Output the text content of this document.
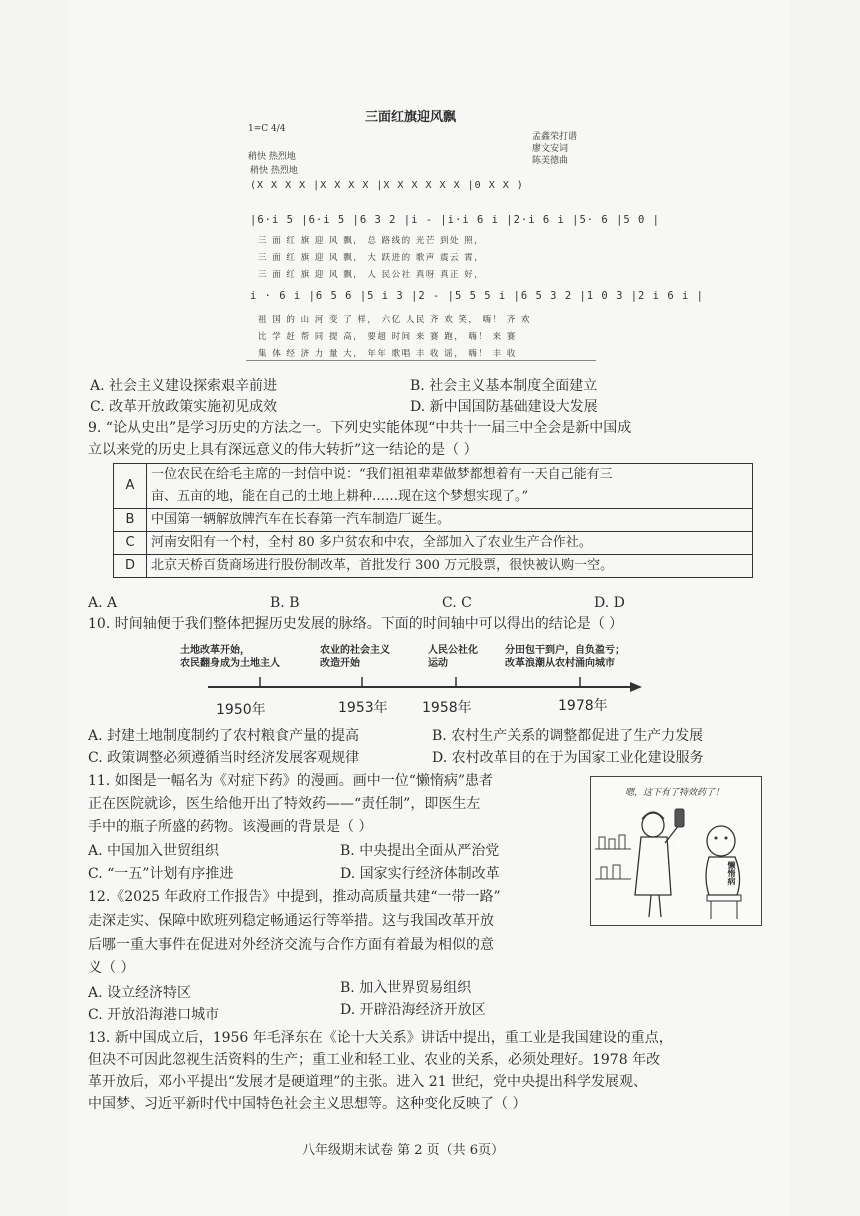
三面红旗迎风飘
1=C 4/4
稍快 热烈地
稍快 热烈地
孟鑫荣打谱
廖文安词
陈美德曲
(X X X X |X X X X |X X X X X X |0 X X )
|6·i 5 |6·i 5 |6 3 2 |i - |i·i 6 i |2·i 6 i |5· 6 |5 0 |
三 面 红 旗 迎 风 飘， 总 路线的 光芒 到处 照，
三 面 红 旗 迎 风 飘， 大 跃进的 歌声 震云 霄，
三 面 红 旗 迎 风 飘， 人 民公社 真呀 真正 好，
i · 6 i |6 5 6 |5 i 3 |2 - |5 5 5 i |6 5 3 2 |1 0 3 |2 i 6 i |
祖 国 的 山 河 变 了 样， 六亿 人民 齐 欢 笑， 嗨！ 齐 欢
比 学 赶 帮 同 提 高， 要超 时间 来 赛 跑， 嗨！ 来 赛
集 体 经 济 力 量 大， 年年 歌唱 丰 收 谣， 嗨！ 丰 收
A. 社会主义建设探索艰辛前进	B. 社会主义基本制度全面建立
C. 改革开放政策实施初见成效	D. 新中国国防基础建设大发展
9. “论从史出”是学习历史的方法之一。下列史实能体现“中共十一届三中全会是新中国成
立以来党的历史上具有深远意义的伟大转折”这一结论的是（ ）
A	一位农民在给毛主席的一封信中说：“我们祖祖辈辈做梦都想着有一天自己能有三
亩、五亩的地，能在自己的土地上耕种……现在这个梦想实现了。”

B	中国第一辆解放牌汽车在长春第一汽车制造厂诞生。
C	河南安阳有一个村，全村 80 多户贫农和中农，全部加入了农业生产合作社。
D	北京天桥百货商场进行股份制改革，首批发行 300 万元股票，很快被认购一空。
A. A	B. B	C. C	D. D
10. 时间轴便于我们整体把握历史发展的脉络。下面的时间轴中可以得出的结论是（ ）
土地改革开始，
农民翻身成为土地主人
农业的社会主义
改造开始
人民公社化
运动
分田包干到户，自负盈亏；
改革浪潮从农村涌向城市
1950年	1953年 1958年	1978年
A. 封建土地制度制约了农村粮食产量的提高	B. 农村生产关系的调整都促进了生产力发展
C. 政策调整必须遵循当时经济发展客观规律	D. 农村改革目的在于为国家工业化建设服务
11. 如图是一幅名为《对症下药》的漫画。画中一位“懒惰病”患者
正在医院就诊，医生给他开出了特效药——“责任制”，即医生左
手中的瓶子所盛的药物。该漫画的背景是（ ）
A. 中国加入世贸组织	B. 中央提出全面从严治党
C. “一五”计划有序推进	D. 国家实行经济体制改革
嗯，这下有了特效药了！
责任制
懒惰病
12.《2025 年政府工作报告》中提到，推动高质量共建“一带一路”
走深走实、保障中欧班列稳定畅通运行等举措。这与我国改革开放
后哪一重大事件在促进对外经济交流与合作方面有着最为相似的意
义（ ）
A. 设立经济特区	B. 加入世界贸易组织
C. 开放沿海港口城市	D. 开辟沿海经济开放区
13. 新中国成立后，1956 年毛泽东在《论十大关系》讲话中提出，重工业是我国建设的重点，
但决不可因此忽视生活资料的生产；重工业和轻工业、农业的关系，必须处理好。1978 年改
革开放后，邓小平提出“发展才是硬道理”的主张。进入 21 世纪，党中央提出科学发展观、
中国梦、习近平新时代中国特色社会主义思想等。这种变化反映了（ ）
八年级期末试卷 第 2 页（共 6页）
